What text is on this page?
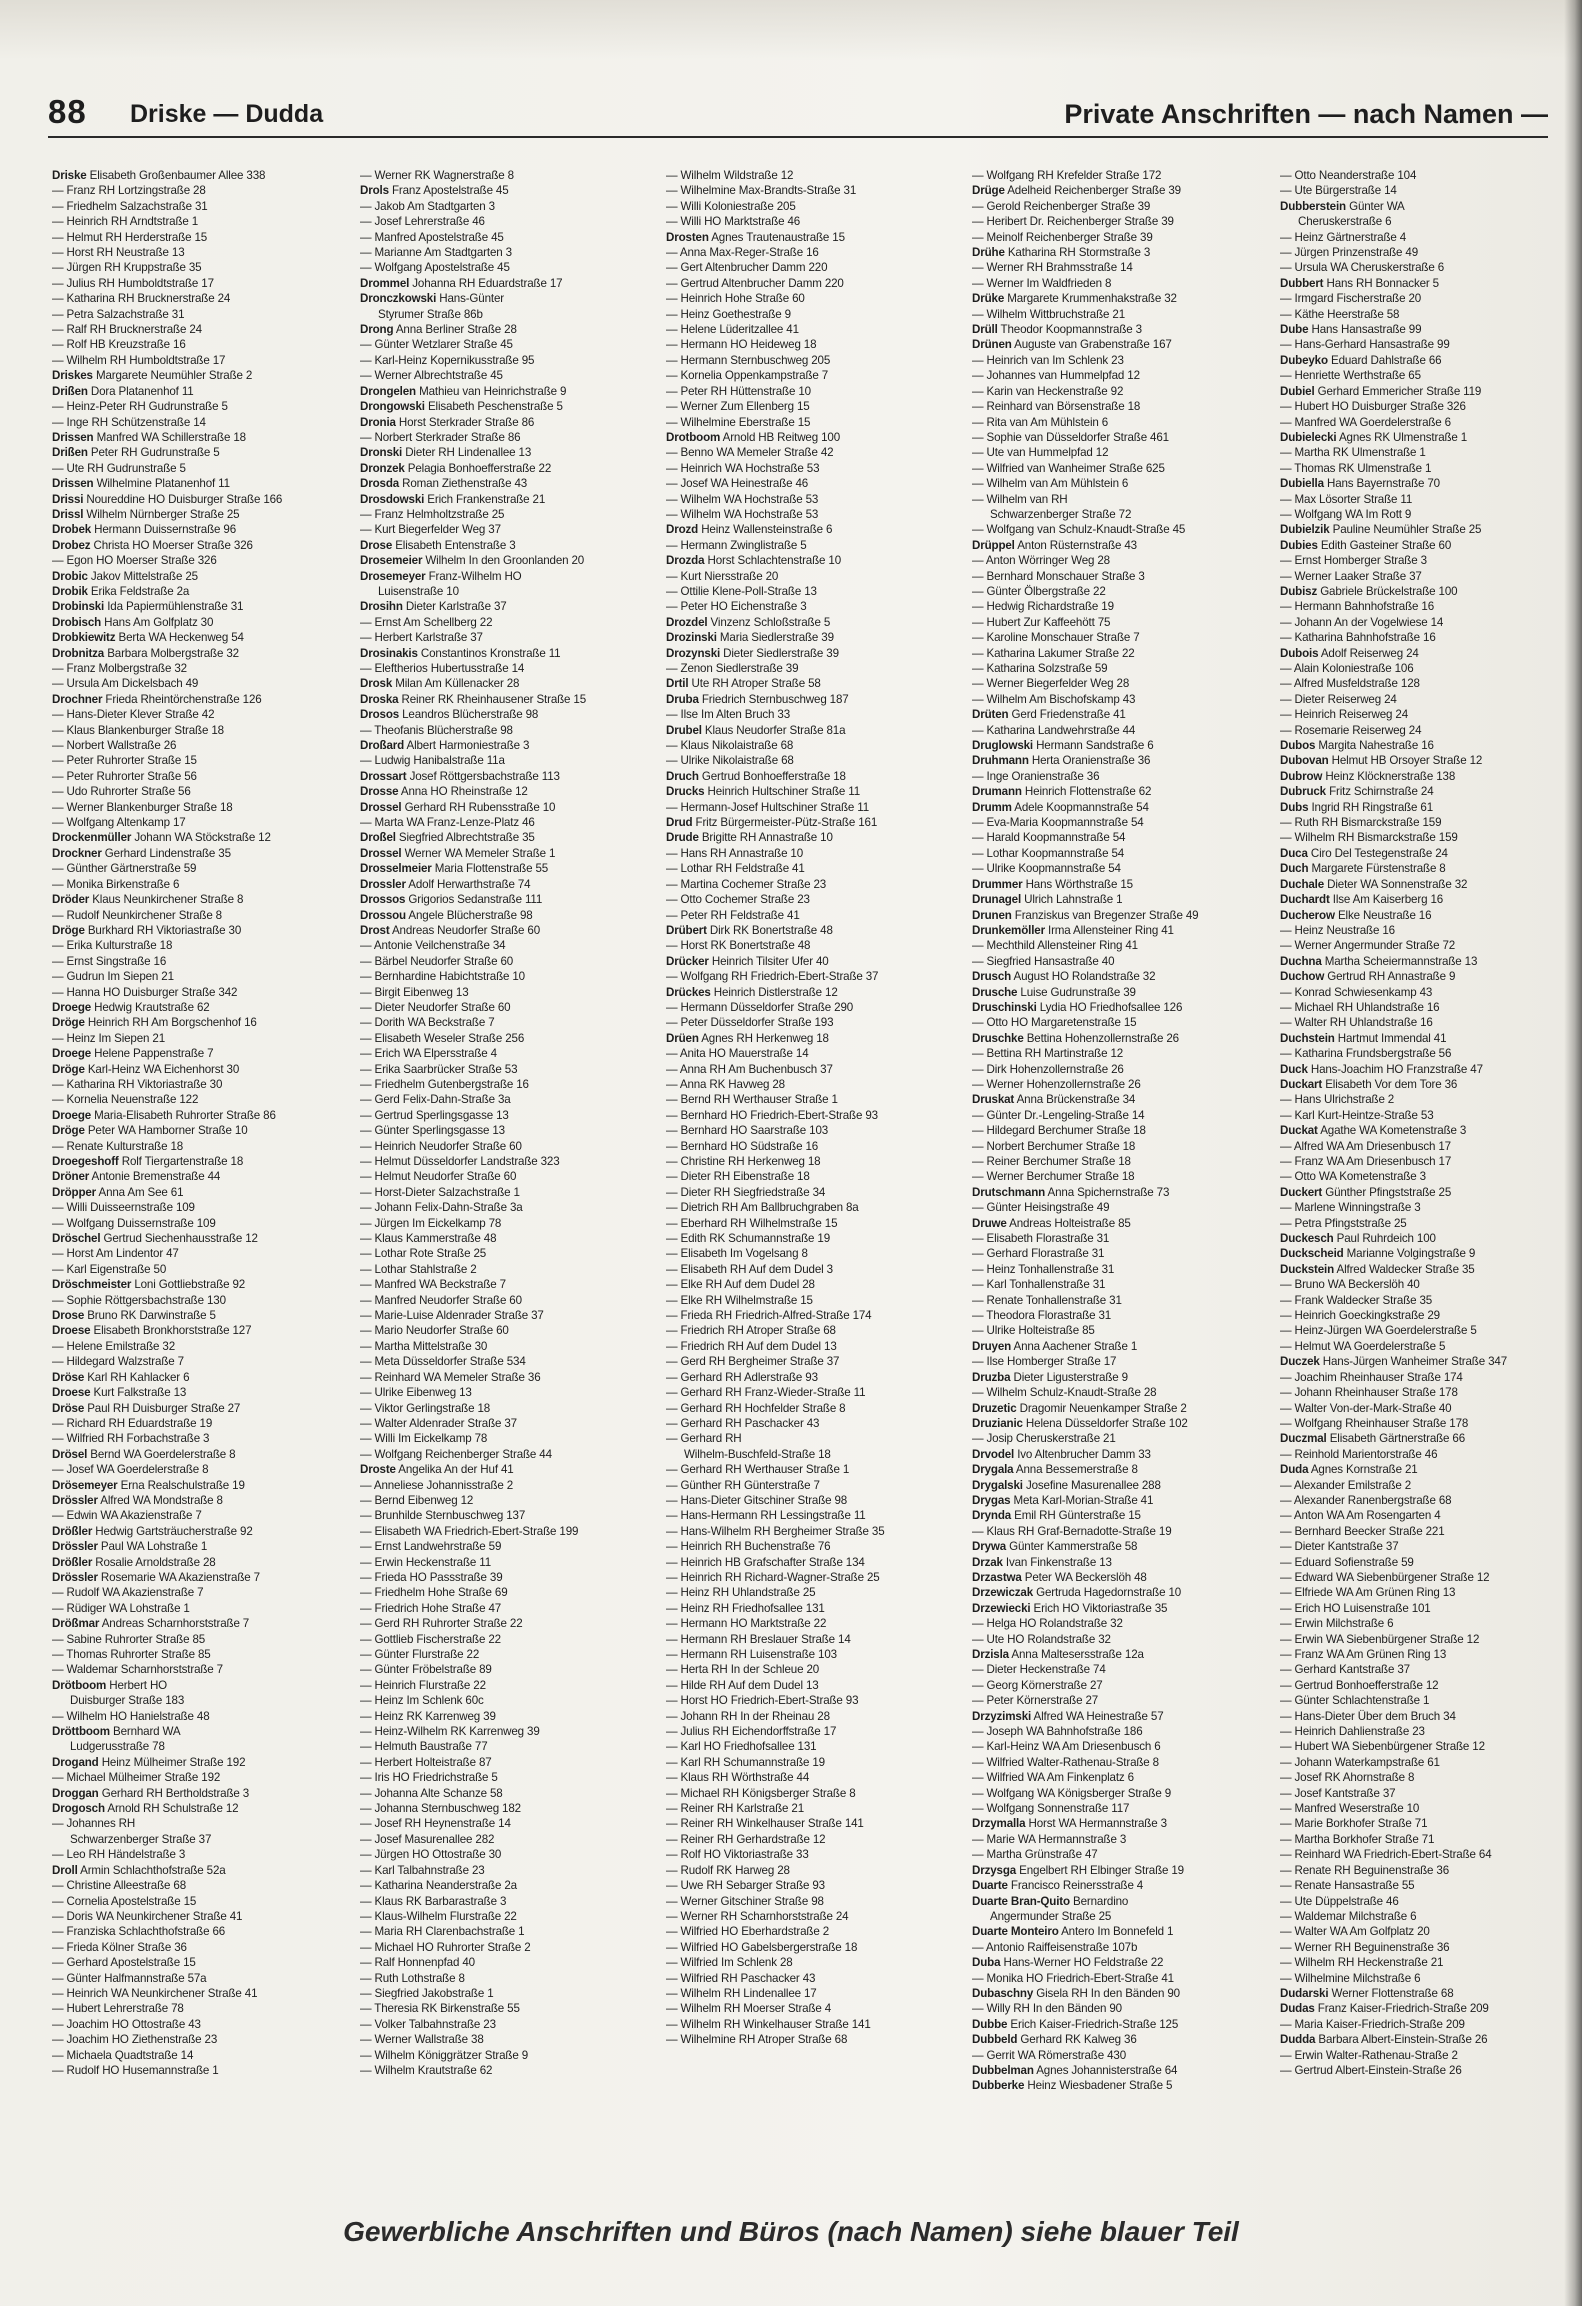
88 Driske — Dudda	Private Anschriften — nach Namen —
Driske Elisabeth Großenbaumer Allee 338
— Franz RH Lortzingstraße 28
— Friedhelm Salzachstraße 31
— Heinrich RH Arndtstraße 1
— Helmut RH Herderstraße 15
— Horst RH Neustraße 13
— Jürgen RH Kruppstraße 35
— Julius RH Humboldtstraße 17
— Katharina RH Brucknerstraße 24
— Petra Salzachstraße 31
— Ralf RH Brucknerstraße 24
— Rolf HB Kreuzstraße 16
— Wilhelm RH Humboldtstraße 17
Driskes Margarete Neumühler Straße 2
Drißen Dora Platanenhof 11
— Heinz-Peter RH Gudrunstraße 5
— Inge RH Schützenstraße 14
Drissen Manfred WA Schillerstraße 18
Drißen Peter RH Gudrunstraße 5
— Ute RH Gudrunstraße 5
Drissen Wilhelmine Platanenhof 11
Drissi Noureddine HO Duisburger Straße 166
Drissl Wilhelm Nürnberger Straße 25
Drobek Hermann Duissernstraße 96
Drobez Christa HO Moerser Straße 326
— Egon HO Moerser Straße 326
Drobic Jakov Mittelstraße 25
Drobik Erika Feldstraße 2a
Drobinski Ida Papiermühlenstraße 31
Drobisch Hans Am Golfplatz 30
Drobkiewitz Berta WA Heckenweg 54
Drobnitza Barbara Molbergstraße 32
— Franz Molbergstraße 32
— Ursula Am Dickelsbach 49
Drochner Frieda Rheintörchenstraße 126
— Hans-Dieter Klever Straße 42
— Klaus Blankenburger Straße 18
— Norbert Wallstraße 26
— Peter Ruhrorter Straße 15
— Peter Ruhrorter Straße 56
— Udo Ruhrorter Straße 56
— Werner Blankenburger Straße 18
— Wolfgang Altenkamp 17
Drockenmüller Johann WA Stöckstraße 12
Drockner Gerhard Lindenstraße 35
— Günther Gärtnerstraße 59
— Monika Birkenstraße 6
Dröder Klaus Neunkirchener Straße 8
— Rudolf Neunkirchener Straße 8
Dröge Burkhard RH Viktoriastraße 30
— Erika Kulturstraße 18
— Ernst Singstraße 16
— Gudrun Im Siepen 21
— Hanna HO Duisburger Straße 342
Droege Hedwig Krautstraße 62
Dröge Heinrich RH Am Borgschenhof 16
— Heinz Im Siepen 21
Droege Helene Pappenstraße 7
Dröge Karl-Heinz WA Eichenhorst 30
— Katharina RH Viktoriastraße 30
— Kornelia Neuenstraße 122
Droege Maria-Elisabeth Ruhrorter Straße 86
Dröge Peter WA Hamborner Straße 10
— Renate Kulturstraße 18
Droegeshoff Rolf Tiergartenstraße 18
Dröner Antonie Bremenstraße 44
Dröpper Anna Am See 61
— Willi Duisseernstraße 109
— Wolfgang Duissernstraße 109
Dröschel Gertrud Siechenhausstraße 12
— Horst Am Lindentor 47
— Karl Eigenstraße 50
Dröschmeister Loni Gottliebstraße 92
— Sophie Röttgersbachstraße 130
Drose Bruno RK Darwinstraße 5
Droese Elisabeth Bronkhorststraße 127
— Helene Emilstraße 32
— Hildegard Walzstraße 7
Dröse Karl RH Kahlacker 6
Droese Kurt Falkstraße 13
Dröse Paul RH Duisburger Straße 27
— Richard RH Eduardstraße 19
— Wilfried RH Forbachstraße 3
Drösel Bernd WA Goerdelerstraße 8
— Josef WA Goerdelerstraße 8
Drösemeyer Erna Realschulstraße 19
Drössler Alfred WA Mondstraße 8
— Edwin WA Akazienstraße 7
Drößler Hedwig Gartsträucherstraße 92
Drössler Paul WA Lohstraße 1
Drößler Rosalie Arnoldstraße 28
Drössler Rosemarie WA Akazienstraße 7
— Rudolf WA Akazienstraße 7
— Rüdiger WA Lohstraße 1
Drößmar Andreas Scharnhorststraße 7
— Sabine Ruhrorter Straße 85
— Thomas Ruhrorter Straße 85
— Waldemar Scharnhorststraße 7
Drötboom Herbert HO
Duisburger Straße 183
— Wilhelm HO Hanielstraße 48
Dröttboom Bernhard WA
Ludgerusstraße 78
Drogand Heinz Mülheimer Straße 192
— Michael Mülheimer Straße 192
Droggan Gerhard RH Bertholdstraße 3
Drogosch Arnold RH Schulstraße 12
— Johannes RH
Schwarzenberger Straße 37
— Leo RH Händelstraße 3
Droll Armin Schlachthofstraße 52a
— Christine Alleestraße 68
— Cornelia Apostelstraße 15
— Doris WA Neunkirchener Straße 41
— Franziska Schlachthofstraße 66
— Frieda Kölner Straße 36
— Gerhard Apostelstraße 15
— Günter Halfmannstraße 57a
— Heinrich WA Neunkirchener Straße 41
— Hubert Lehrerstraße 78
— Joachim HO Ottostraße 43
— Joachim HO Ziethenstraße 23
— Michaela Quadtstraße 14
— Rudolf HO Husemannstraße 1
— Werner RK Wagnerstraße 8
Drols Franz Apostelstraße 45
— Jakob Am Stadtgarten 3
— Josef Lehrerstraße 46
— Manfred Apostelstraße 45
— Marianne Am Stadtgarten 3
— Wolfgang Apostelstraße 45
Drommel Johanna RH Eduardstraße 17
Dronczkowski Hans-Günter
Styrumer Straße 86b
Drong Anna Berliner Straße 28
— Günter Wetzlarer Straße 45
— Karl-Heinz Kopernikusstraße 95
— Werner Albrechtstraße 45
Drongelen Mathieu van Heinrichstraße 9
Drongowski Elisabeth Peschenstraße 5
Dronia Horst Sterkrader Straße 86
— Norbert Sterkrader Straße 86
Dronski Dieter RH Lindenallee 13
Dronzek Pelagia Bonhoefferstraße 22
Drosda Roman Ziethenstraße 43
Drosdowski Erich Frankenstraße 21
— Franz Helmholtzstraße 25
— Kurt Biegerfelder Weg 37
Drose Elisabeth Entenstraße 3
Drosemeier Wilhelm In den Groonlanden 20
Drosemeyer Franz-Wilhelm HO
Luisenstraße 10
Drosihn Dieter Karlstraße 37
— Ernst Am Schellberg 22
— Herbert Karlstraße 37
Drosinakis Constantinos Kronstraße 11
— Eleftherios Hubertusstraße 14
Drosk Milan Am Küllenacker 28
Droska Reiner RK Rheinhausener Straße 15
Drosos Leandros Blücherstraße 98
— Theofanis Blücherstraße 98
Droßard Albert Harmoniestraße 3
— Ludwig Hanibalstraße 11a
Drossart Josef Röttgersbachstraße 113
Drosse Anna HO Rheinstraße 12
Drossel Gerhard RH Rubensstraße 10
— Marta WA Franz-Lenze-Platz 46
Droßel Siegfried Albrechtstraße 35
Drossel Werner WA Memeler Straße 1
Drosselmeier Maria Flottenstraße 55
Drossler Adolf Herwarthstraße 74
Drossos Grigorios Sedanstraße 111
Drossou Angele Blücherstraße 98
Drost Andreas Neudorfer Straße 60
— Antonie Veilchenstraße 34
— Bärbel Neudorfer Straße 60
— Bernhardine Habichtstraße 10
— Birgit Eibenweg 13
— Dieter Neudorfer Straße 60
— Dorith WA Beckstraße 7
— Elisabeth Weseler Straße 256
— Erich WA Elpersstraße 4
— Erika Saarbrücker Straße 53
— Friedhelm Gutenbergstraße 16
— Gerd Felix-Dahn-Straße 3a
— Gertrud Sperlingsgasse 13
— Günter Sperlingsgasse 13
— Heinrich Neudorfer Straße 60
— Helmut Düsseldorfer Landstraße 323
— Helmut Neudorfer Straße 60
— Horst-Dieter Salzachstraße 1
— Johann Felix-Dahn-Straße 3a
— Jürgen Im Eickelkamp 78
— Klaus Kammerstraße 48
— Lothar Rote Straße 25
— Lothar Stahlstraße 2
— Manfred WA Beckstraße 7
— Manfred Neudorfer Straße 60
— Marie-Luise Aldenrader Straße 37
— Mario Neudorfer Straße 60
— Martha Mittelstraße 30
— Meta Düsseldorfer Straße 534
— Reinhard WA Memeler Straße 36
— Ulrike Eibenweg 13
— Viktor Gerlingstraße 18
— Walter Aldenrader Straße 37
— Willi Im Eickelkamp 78
— Wolfgang Reichenberger Straße 44
Droste Angelika An der Huf 41
— Anneliese Johannisstraße 2
— Bernd Eibenweg 12
— Brunhilde Sternbuschweg 137
— Elisabeth WA Friedrich-Ebert-Straße 199
— Ernst Landwehrstraße 59
— Erwin Heckenstraße 11
— Frieda HO Passstraße 39
— Friedhelm Hohe Straße 69
— Friedrich Hohe Straße 47
— Gerd RH Ruhrorter Straße 22
— Gottlieb Fischerstraße 22
— Günter Flurstraße 22
— Günter Fröbelstraße 89
— Heinrich Flurstraße 22
— Heinz Im Schlenk 60c
— Heinz RK Karrenweg 39
— Heinz-Wilhelm RK Karrenweg 39
— Helmuth Baustraße 77
— Herbert Holteistraße 87
— Iris HO Friedrichstraße 5
— Johanna Alte Schanze 58
— Johanna Sternbuschweg 182
— Josef RH Heynenstraße 14
— Josef Masurenallee 282
— Jürgen HO Ottostraße 30
— Karl Talbahnstraße 23
— Katharina Neanderstraße 2a
— Klaus RK Barbarastraße 3
— Klaus-Wilhelm Flurstraße 22
— Maria RH Clarenbachstraße 1
— Michael HO Ruhrorter Straße 2
— Ralf Honnenpfad 40
— Ruth Lothstraße 8
— Siegfried Jakobstraße 1
— Theresia RK Birkenstraße 55
— Volker Talbahnstraße 23
— Werner Wallstraße 38
— Wilhelm Königgrätzer Straße 9
— Wilhelm Krautstraße 62
— Wilhelm Wildstraße 12
— Wilhelmine Max-Brandts-Straße 31
— Willi Koloniestraße 205
— Willi HO Marktstraße 46
Drosten Agnes Trautenaustraße 15
— Anna Max-Reger-Straße 16
— Gert Altenbrucher Damm 220
— Gertrud Altenbrucher Damm 220
— Heinrich Hohe Straße 60
— Heinz Goethestraße 9
— Helene Lüderitzallee 41
— Hermann HO Heideweg 18
— Hermann Sternbuschweg 205
— Kornelia Oppenkampstraße 7
— Peter RH Hüttenstraße 10
— Werner Zum Ellenberg 15
— Wilhelmine Eberstraße 15
Drotboom Arnold HB Reitweg 100
— Benno WA Memeler Straße 42
— Heinrich WA Hochstraße 53
— Josef WA Heinestraße 46
— Wilhelm WA Hochstraße 53
— Wilhelm WA Hochstraße 53
Drozd Heinz Wallensteinstraße 6
— Hermann Zwinglistraße 5
Drozda Horst Schlachtenstraße 10
— Kurt Niersstraße 20
— Ottilie Klene-Poll-Straße 13
— Peter HO Eichenstraße 3
Drozdel Vinzenz Schloßstraße 5
Drozinski Maria Siedlerstraße 39
Drozynski Dieter Siedlerstraße 39
— Zenon Siedlerstraße 39
Drtil Ute RH Atroper Straße 58
Druba Friedrich Sternbuschweg 187
— Ilse Im Alten Bruch 33
Drubel Klaus Neudorfer Straße 81a
— Klaus Nikolaistraße 68
— Ulrike Nikolaistraße 68
Druch Gertrud Bonhoefferstraße 18
Drucks Heinrich Hultschiner Straße 11
— Hermann-Josef Hultschiner Straße 11
Drud Fritz Bürgermeister-Pütz-Straße 161
Drude Brigitte RH Annastraße 10
— Hans RH Annastraße 10
— Lothar RH Feldstraße 41
— Martina Cochemer Straße 23
— Otto Cochemer Straße 23
— Peter RH Feldstraße 41
Drübert Dirk RK Bonertstraße 48
— Horst RK Bonertstraße 48
Drücker Heinrich Tilsiter Ufer 40
— Wolfgang RH Friedrich-Ebert-Straße 37
Drückes Heinrich Distlerstraße 12
— Hermann Düsseldorfer Straße 290
— Peter Düsseldorfer Straße 193
Drüen Agnes RH Herkenweg 18
— Anita HO Mauerstraße 14
— Anna RH Am Buchenbusch 37
— Anna RK Havweg 28
— Bernd RH Werthauser Straße 1
— Bernhard HO Friedrich-Ebert-Straße 93
— Bernhard HO Saarstraße 103
— Bernhard HO Südstraße 16
— Christine RH Herkenweg 18
— Dieter RH Eibenstraße 18
— Dieter RH Siegfriedstraße 34
— Dietrich RH Am Ballbruchgraben 8a
— Eberhard RH Wilhelmstraße 15
— Edith RK Schumannstraße 19
— Elisabeth Im Vogelsang 8
— Elisabeth RH Auf dem Dudel 3
— Elke RH Auf dem Dudel 28
— Elke RH Wilhelmstraße 15
— Frieda RH Friedrich-Alfred-Straße 174
— Friedrich RH Atroper Straße 68
— Friedrich RH Auf dem Dudel 13
— Gerd RH Bergheimer Straße 37
— Gerhard RH Adlerstraße 93
— Gerhard RH Franz-Wieder-Straße 11
— Gerhard RH Hochfelder Straße 8
— Gerhard RH Paschacker 43
— Gerhard RH
Wilhelm-Buschfeld-Straße 18
— Gerhard RH Werthauser Straße 1
— Günther RH Günterstraße 7
— Hans-Dieter Gitschiner Straße 98
— Hans-Hermann RH Lessingstraße 11
— Hans-Wilhelm RH Bergheimer Straße 35
— Heinrich RH Buchenstraße 76
— Heinrich HB Grafschafter Straße 134
— Heinrich RH Richard-Wagner-Straße 25
— Heinz RH Uhlandstraße 25
— Heinz RH Friedhofsallee 131
— Hermann HO Marktstraße 22
— Hermann RH Breslauer Straße 14
— Hermann RH Luisenstraße 103
— Herta RH In der Schleue 20
— Hilde RH Auf dem Dudel 13
— Horst HO Friedrich-Ebert-Straße 93
— Johann RH In der Rheinau 28
— Julius RH Eichendorffstraße 17
— Karl HO Friedhofsallee 131
— Karl RH Schumannstraße 19
— Klaus RH Wörthstraße 44
— Michael RH Königsberger Straße 8
— Reiner RH Karlstraße 21
— Reiner RH Winkelhauser Straße 141
— Reiner RH Gerhardstraße 12
— Rolf HO Viktoriastraße 33
— Rudolf RK Harweg 28
— Uwe RH Sebarger Straße 93
— Werner Gitschiner Straße 98
— Werner RH Scharnhorststraße 24
— Wilfried HO Eberhardstraße 2
— Wilfried HO Gabelsbergerstraße 18
— Wilfried Im Schlenk 28
— Wilfried RH Paschacker 43
— Wilhelm RH Lindenallee 17
— Wilhelm RH Moerser Straße 4
— Wilhelm RH Winkelhauser Straße 141
— Wilhelmine RH Atroper Straße 68
— Wolfgang RH Krefelder Straße 172
Drüge Adelheid Reichenberger Straße 39
— Gerold Reichenberger Straße 39
— Heribert Dr. Reichenberger Straße 39
— Meinolf Reichenberger Straße 39
Drühe Katharina RH Stormstraße 3
— Werner RH Brahmsstraße 14
— Werner Im Waldfrieden 8
Drüke Margarete Krummenhakstraße 32
— Wilhelm Wittbruchstraße 21
Drüll Theodor Koopmannstraße 3
Drünen Auguste van Grabenstraße 167
— Heinrich van Im Schlenk 23
— Johannes van Hummelpfad 12
— Karin van Heckenstraße 92
— Reinhard van Börsenstraße 18
— Rita van Am Mühlstein 6
— Sophie van Düsseldorfer Straße 461
— Ute van Hummelpfad 12
— Wilfried van Wanheimer Straße 625
— Wilhelm van Am Mühlstein 6
— Wilhelm van RH
Schwarzenberger Straße 72
— Wolfgang van Schulz-Knaudt-Straße 45
Drüppel Anton Rüsternstraße 43
— Anton Wörringer Weg 28
— Bernhard Monschauer Straße 3
— Günter Ölbergstraße 22
— Hedwig Richardstraße 19
— Hubert Zur Kaffeehött 75
— Karoline Monschauer Straße 7
— Katharina Lakumer Straße 22
— Katharina Solzstraße 59
— Werner Biegerfelder Weg 28
— Wilhelm Am Bischofskamp 43
Drüten Gerd Friedenstraße 41
— Katharina Landwehrstraße 44
Druglowski Hermann Sandstraße 6
Druhmann Herta Oranienstraße 36
— Inge Oranienstraße 36
Drumann Heinrich Flottenstraße 62
Drumm Adele Koopmannstraße 54
— Eva-Maria Koopmannstraße 54
— Harald Koopmannstraße 54
— Lothar Koopmannstraße 54
— Ulrike Koopmannstraße 54
Drummer Hans Wörthstraße 15
Drunagel Ulrich Lahnstraße 1
Drunen Franziskus van Bregenzer Straße 49
Drunkemöller Irma Allensteiner Ring 41
— Mechthild Allensteiner Ring 41
— Siegfried Hansastraße 40
Drusch August HO Rolandstraße 32
Drusche Luise Gudrunstraße 39
Druschinski Lydia HO Friedhofsallee 126
— Otto HO Margaretenstraße 15
Druschke Bettina Hohenzollernstraße 26
— Bettina RH Martinstraße 12
— Dirk Hohenzollernstraße 26
— Werner Hohenzollernstraße 26
Druskat Anna Brückenstraße 34
— Günter Dr.-Lengeling-Straße 14
— Hildegard Berchumer Straße 18
— Norbert Berchumer Straße 18
— Reiner Berchumer Straße 18
— Werner Berchumer Straße 18
Drutschmann Anna Spichernstraße 73
— Günter Heisingstraße 49
Druwe Andreas Holteistraße 85
— Elisabeth Florastraße 31
— Gerhard Florastraße 31
— Heinz Tonhallenstraße 31
— Karl Tonhallenstraße 31
— Renate Tonhallenstraße 31
— Theodora Florastraße 31
— Ulrike Holteistraße 85
Druyen Anna Aachener Straße 1
— Ilse Homberger Straße 17
Druzba Dieter Ligusterstraße 9
— Wilhelm Schulz-Knaudt-Straße 28
Druzetic Dragomir Neuenkamper Straße 2
Druzianic Helena Düsseldorfer Straße 102
— Josip Cheruskerstraße 21
Drvodel Ivo Altenbrucher Damm 33
Drygala Anna Bessemerstraße 8
Drygalski Josefine Masurenallee 288
Drygas Meta Karl-Morian-Straße 41
Drynda Emil RH Günterstraße 15
— Klaus RH Graf-Bernadotte-Straße 19
Drywa Günter Kammerstraße 58
Drzak Ivan Finkenstraße 13
Drzastwa Peter WA Beckerslöh 48
Drzewiczak Gertruda Hagedornstraße 10
Drzewiecki Erich HO Viktoriastraße 35
— Helga HO Rolandstraße 32
— Ute HO Rolandstraße 32
Drzisla Anna Maltesersstraße 12a
— Dieter Heckenstraße 74
— Georg Körnerstraße 27
— Peter Körnerstraße 27
Drzyzimski Alfred WA Heinestraße 57
— Joseph WA Bahnhofstraße 186
— Karl-Heinz WA Am Driesenbusch 6
— Wilfried Walter-Rathenau-Straße 8
— Wilfried WA Am Finkenplatz 6
— Wolfgang WA Königsberger Straße 9
— Wolfgang Sonnenstraße 117
Drzymalla Horst WA Hermannstraße 3
— Marie WA Hermannstraße 3
— Martha Grünstraße 47
Drzysga Engelbert RH Elbinger Straße 19
Duarte Francisco Reinersstraße 4
Duarte Bran-Quito Bernardino
Angermunder Straße 25
Duarte Monteiro Antero Im Bonnefeld 1
— Antonio Raiffeisenstraße 107b
Duba Hans-Werner HO Feldstraße 22
— Monika HO Friedrich-Ebert-Straße 41
Dubaschny Gisela RH In den Bänden 90
— Willy RH In den Bänden 90
Dubbe Erich Kaiser-Friedrich-Straße 125
Dubbeld Gerhard RK Kalweg 36
— Gerrit WA Römerstraße 430
Dubbelman Agnes Johannisterstraße 64
Dubberke Heinz Wiesbadener Straße 5
— Otto Neanderstraße 104
— Ute Bürgerstraße 14
Dubberstein Günter WA
Cheruskerstraße 6
— Heinz Gärtnerstraße 4
— Jürgen Prinzenstraße 49
— Ursula WA Cheruskerstraße 6
Dubbert Hans RH Bonnacker 5
— Irmgard Fischerstraße 20
— Käthe Heerstraße 58
Dube Hans Hansastraße 99
— Hans-Gerhard Hansastraße 99
Dubeyko Eduard Dahlstraße 66
— Henriette Werthstraße 65
Dubiel Gerhard Emmericher Straße 119
— Hubert HO Duisburger Straße 326
— Manfred WA Goerdelerstraße 6
Dubielecki Agnes RK Ulmenstraße 1
— Martha RK Ulmenstraße 1
— Thomas RK Ulmenstraße 1
Dubiella Hans Bayernstraße 70
— Max Lösorter Straße 11
— Wolfgang WA Im Rott 9
Dubielzik Pauline Neumühler Straße 25
Dubies Edith Gasteiner Straße 60
— Ernst Homberger Straße 3
— Werner Laaker Straße 37
Dubisz Gabriele Brückelstraße 100
— Hermann Bahnhofstraße 16
— Johann An der Vogelwiese 14
— Katharina Bahnhofstraße 16
Dubois Adolf Reiserweg 24
— Alain Koloniestraße 106
— Alfred Musfeldstraße 128
— Dieter Reiserweg 24
— Heinrich Reiserweg 24
— Rosemarie Reiserweg 24
Dubos Margita Nahestraße 16
Dubovan Helmut HB Orsoyer Straße 12
Dubrow Heinz Klöcknerstraße 138
Dubruck Fritz Schirnstraße 24
Dubs Ingrid RH Ringstraße 61
— Ruth RH Bismarckstraße 159
— Wilhelm RH Bismarckstraße 159
Duca Ciro Del Testegenstraße 24
Duch Margarete Fürstenstraße 8
Duchale Dieter WA Sonnenstraße 32
Duchardt Ilse Am Kaiserberg 16
Ducherow Elke Neustraße 16
— Heinz Neustraße 16
— Werner Angermunder Straße 72
Duchna Martha Scheiermannstraße 13
Duchow Gertrud RH Annastraße 9
— Konrad Schwiesenkamp 43
— Michael RH Uhlandstraße 16
— Walter RH Uhlandstraße 16
Duchstein Hartmut Immendal 41
— Katharina Frundsbergstraße 56
Duck Hans-Joachim HO Franzstraße 47
Duckart Elisabeth Vor dem Tore 36
— Hans Ulrichstraße 2
— Karl Kurt-Heintze-Straße 53
Duckat Agathe WA Kometenstraße 3
— Alfred WA Am Driesenbusch 17
— Franz WA Am Driesenbusch 17
— Otto WA Kometenstraße 3
Duckert Günther Pfingststraße 25
— Marlene Winningstraße 3
— Petra Pfingststraße 25
Duckesch Paul Ruhrdeich 100
Duckscheid Marianne Volgingstraße 9
Duckstein Alfred Waldecker Straße 35
— Bruno WA Beckerslöh 40
— Frank Waldecker Straße 35
— Heinrich Goeckingkstraße 29
— Heinz-Jürgen WA Goerdelerstraße 5
— Helmut WA Goerdelerstraße 5
Duczek Hans-Jürgen Wanheimer Straße 347
— Joachim Rheinhauser Straße 174
— Johann Rheinhauser Straße 178
— Walter Von-der-Mark-Straße 40
— Wolfgang Rheinhauser Straße 178
Duczmal Elisabeth Gärtnerstraße 66
— Reinhold Marientorstraße 46
Duda Agnes Kornstraße 21
— Alexander Emilstraße 2
— Alexander Ranenbergstraße 68
— Anton WA Am Rosengarten 4
— Bernhard Beecker Straße 221
— Dieter Kantstraße 37
— Eduard Sofienstraße 59
— Edward WA Siebenbürgener Straße 12
— Elfriede WA Am Grünen Ring 13
— Erich HO Luisenstraße 101
— Erwin Milchstraße 6
— Erwin WA Siebenbürgener Straße 12
— Franz WA Am Grünen Ring 13
— Gerhard Kantstraße 37
— Gertrud Bonhoefferstraße 12
— Günter Schlachtenstraße 1
— Hans-Dieter Über dem Bruch 34
— Heinrich Dahlienstraße 23
— Hubert WA Siebenbürgener Straße 12
— Johann Waterkampstraße 61
— Josef RK Ahornstraße 8
— Josef Kantstraße 37
— Manfred Weserstraße 10
— Marie Borkhofer Straße 71
— Martha Borkhofer Straße 71
— Reinhard WA Friedrich-Ebert-Straße 64
— Renate RH Beguinenstraße 36
— Renate Hansastraße 55
— Ute Düppelstraße 46
— Waldemar Milchstraße 6
— Walter WA Am Golfplatz 20
— Werner RH Beguinenstraße 36
— Wilhelm RH Heckenstraße 21
— Wilhelmine Milchstraße 6
Dudarski Werner Flottenstraße 68
Dudas Franz Kaiser-Friedrich-Straße 209
— Maria Kaiser-Friedrich-Straße 209
Dudda Barbara Albert-Einstein-Straße 26
— Erwin Walter-Rathenau-Straße 2
— Gertrud Albert-Einstein-Straße 26
Gewerbliche Anschriften und Büros (nach Namen) siehe blauer Teil
